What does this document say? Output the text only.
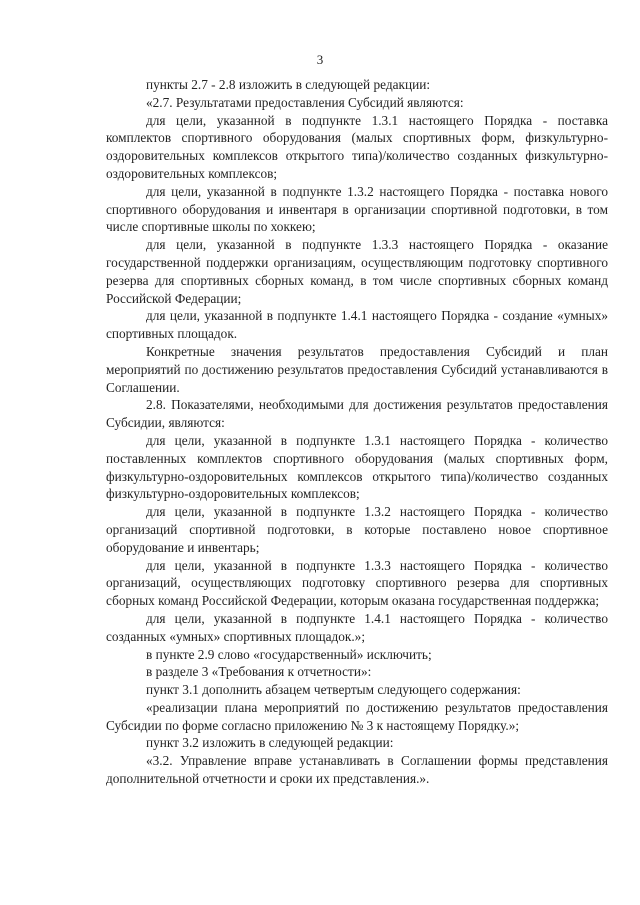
3

пункты 2.7 - 2.8 изложить в следующей редакции:

«2.7. Результатами предоставления Субсидий являются:

для цели, указанной в подпункте 1.3.1 настоящего Порядка - поставка комплектов спортивного оборудования (малых спортивных форм, физкультурно-оздоровительных комплексов открытого типа)/количество созданных физкультурно-оздоровительных комплексов;

для цели, указанной в подпункте 1.3.2 настоящего Порядка - поставка нового спортивного оборудования и инвентаря в организации спортивной подготовки, в том числе спортивные школы по хоккею;

для цели, указанной в подпункте 1.3.3 настоящего Порядка - оказание государственной поддержки организациям, осуществляющим подготовку спортивного резерва для спортивных сборных команд, в том числе спортивных сборных команд Российской Федерации;

для цели, указанной в подпункте 1.4.1 настоящего Порядка - создание «умных» спортивных площадок.

Конкретные значения результатов предоставления Субсидий и план мероприятий по достижению результатов предоставления Субсидий устанавливаются в Соглашении.

2.8. Показателями, необходимыми для достижения результатов предоставления Субсидии, являются:

для цели, указанной в подпункте 1.3.1 настоящего Порядка - количество поставленных комплектов спортивного оборудования (малых спортивных форм, физкультурно-оздоровительных комплексов открытого типа)/количество созданных физкультурно-оздоровительных комплексов;

для цели, указанной в подпункте 1.3.2 настоящего Порядка - количество организаций спортивной подготовки, в которые поставлено новое спортивное оборудование и инвентарь;

для цели, указанной в подпункте 1.3.3 настоящего Порядка - количество организаций, осуществляющих подготовку спортивного резерва для спортивных сборных команд Российской Федерации, которым оказана государственная поддержка;

для цели, указанной в подпункте 1.4.1 настоящего Порядка - количество созданных «умных» спортивных площадок.»;

в пункте 2.9 слово «государственный» исключить;

в разделе 3 «Требования к отчетности»:

пункт 3.1 дополнить абзацем четвертым следующего содержания:

«реализации плана мероприятий по достижению результатов предоставления Субсидии по форме согласно приложению № 3 к настоящему Порядку.»;

пункт 3.2 изложить в следующей редакции:

«3.2. Управление вправе устанавливать в Соглашении формы представления дополнительной отчетности и сроки их представления.».
